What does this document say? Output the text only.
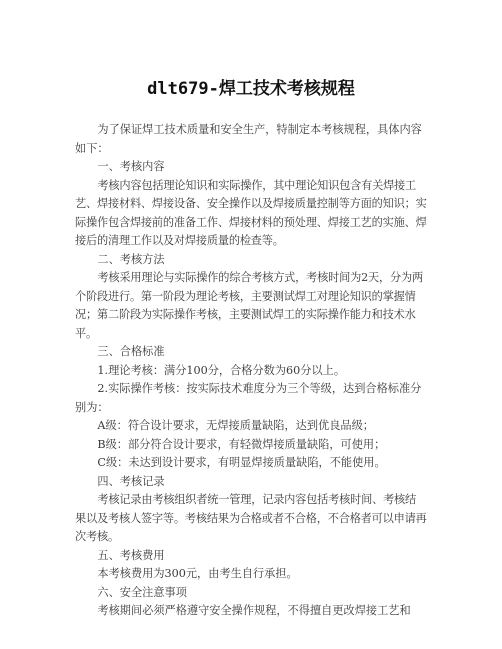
dlt679-焊工技术考核规程

为了保证焊工技术质量和安全生产，特制定本考核规程，具体内容如下：

一、考核内容

考核内容包括理论知识和实际操作，其中理论知识包含有关焊接工艺、焊接材料、焊接设备、安全操作以及焊接质量控制等方面的知识；实际操作包含焊接前的准备工作、焊接材料的预处理、焊接工艺的实施、焊接后的清理工作以及对焊接质量的检查等。

二、考核方法

考核采用理论与实际操作的综合考核方式，考核时间为2天，分为两个阶段进行。第一阶段为理论考核，主要测试焊工对理论知识的掌握情况；第二阶段为实际操作考核，主要测试焊工的实际操作能力和技术水平。

三、合格标准

1.理论考核：满分100分，合格分数为60分以上。

2.实际操作考核：按实际技术难度分为三个等级，达到合格标准分别为：

A级：符合设计要求，无焊接质量缺陷，达到优良品级；

B级：部分符合设计要求，有轻微焊接质量缺陷，可使用；

C级：未达到设计要求，有明显焊接质量缺陷，不能使用。

四、考核记录

考核记录由考核组织者统一管理，记录内容包括考核时间、考核结果以及考核人签字等。考核结果为合格或者不合格，不合格者可以申请再次考核。

五、考核费用

本考核费用为300元，由考生自行承担。

六、安全注意事项

考核期间必须严格遵守安全操作规程，不得擅自更改焊接工艺和
